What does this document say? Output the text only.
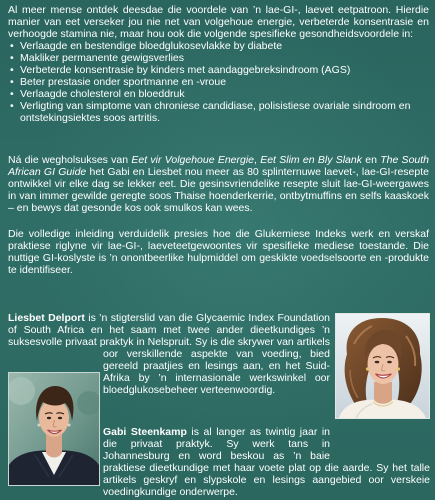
Al meer mense ontdek deesdae die voordele van ’n lae-GI-, laevet eetpatroon. Hierdie manier van eet verseker jou nie net van volgehoue energie, verbeterde konsentrasie en verhoogde stamina nie, maar hou ook die volgende spesifieke gesondheidsvoordele in:

• Verlaagde en bestendige bloedglukosevlakke by diabete
• Makliker permanente gewigsverlies
• Verbeterde konsentrasie by kinders met aandaggebreksindroom (AGS)
• Beter prestasie onder sportmanne en -vroue
• Verlaagde cholesterol en bloeddruk
• Verligting van simptome van chroniese candidiase, polisistiese ovariale sindroom en ontstekingsiektes soos artritis.

Ná die wegholsukses van Eet vir Volgehoue Energie, Eet Slim en Bly Slank en The South African GI Guide het Gabi en Liesbet nou meer as 80 splinternuwe laevet-, lae-GI-resepte ontwikkel vir elke dag se lekker eet. Die gesinsvriendelike resepte sluit lae-GI-weergawes in van immer gewilde geregte soos Thaise hoenderkerrie, ontbytmuffins en selfs kaaskoek – en bewys dat gesonde kos ook smulkos kan wees.

Die volledige inleiding verduidelik presies hoe die Glukemiese Indeks werk en verskaf praktiese riglyne vir lae-GI-, laeveteetgewoontes vir spesifieke mediese toestande. Die nuttige GI-koslyste is ’n onontbeerlike hulpmiddel om geskikte voedselsoorte en -produkte te identifiseer.

Liesbet Delport is ’n stigterslid van die Glycaemic Index Foundation of South Africa en het saam met twee ander dieetkundiges ’n suksesvolle privaat praktyk in Nelspruit. Sy is die skrywer van artikels oor verskillende aspekte van voeding, bied gereeld praatjies en lesings aan, en het Suid-Afrika by ’n internasionale werkswinkel oor bloedglukosebeheer verteenwoordig.
Gabi Steenkamp is al langer as twintig jaar in die privaat praktyk. Sy werk tans in Johannesburg en word beskou as ’n baie praktiese dieetkundige met haar voete plat op die aarde. Sy het talle artikels geskryf en slypskole en lesings aangebied oor verskeie voedingkundige onderwerpe.
